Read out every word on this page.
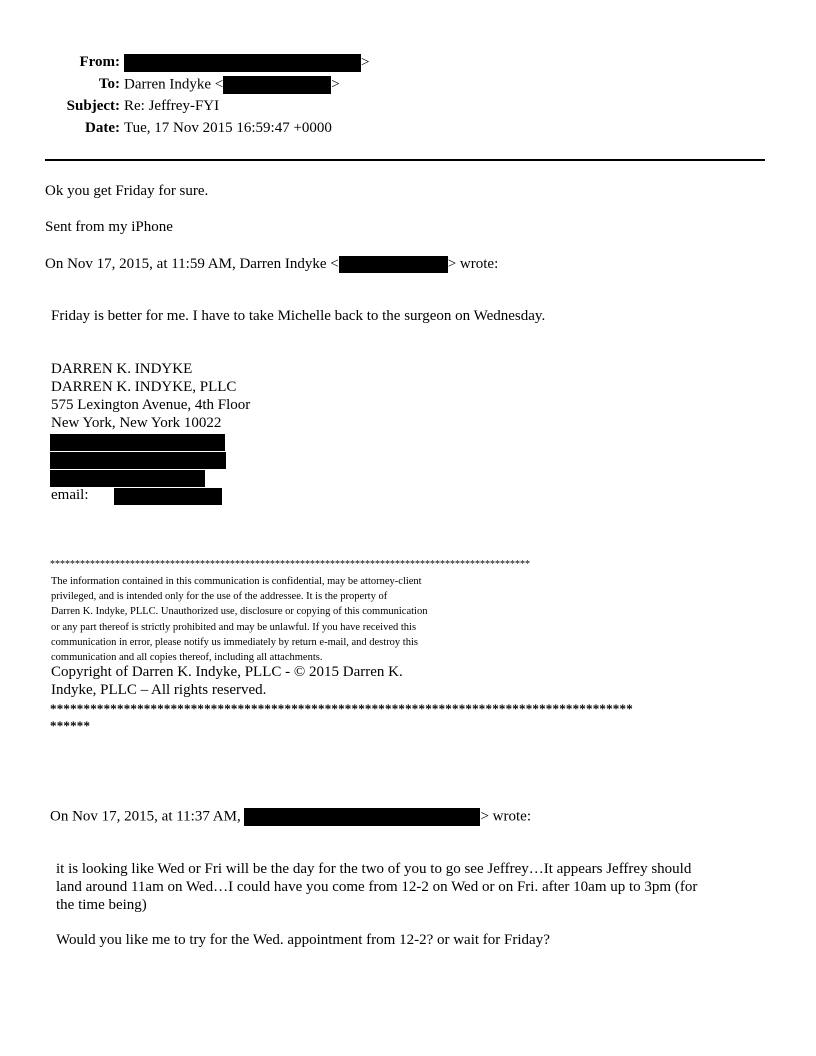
From:	>
To: Darren Indyke <	>
Subject: Re: Jeffrey-FYI
Date: Tue, 17 Nov 2015 16:59:47 +0000
Ok you get Friday for sure.
Sent from my iPhone
On Nov 17, 2015, at 11:59 AM, Darren Indyke <	> wrote:
Friday is better for me. I have to take Michelle back to the surgeon on Wednesday.
DARREN K. INDYKE
DARREN K. INDYKE, PLLC
575 Lexington Avenue, 4th Floor
New York, New York 10022
email:
************************************************************************************************
The information contained in this communication is confidential, may be attorney-client
privileged, and is intended only for the use of the addressee. It is the property of
Darren K. Indyke, PLLC. Unauthorized use, disclosure or copying of this communication
or any part thereof is strictly prohibited and may be unlawful. If you have received this
communication in error, please notify us immediately by return e-mail, and destroy this
communication and all copies thereof, including all attachments.
Copyright of Darren K. Indyke, PLLC - © 2015 Darren K.
Indyke, PLLC – All rights reserved.
***************************************************************************************
******
On Nov 17, 2015, at 11:37 AM,	> wrote:
it is looking like Wed or Fri will be the day for the two of you to go see Jeffrey…It appears Jeffrey should
land around 11am on Wed…I could have you come from 12-2 on Wed or on Fri. after 10am up to 3pm (for
the time being)
Would you like me to try for the Wed. appointment from 12-2? or wait for Friday?
